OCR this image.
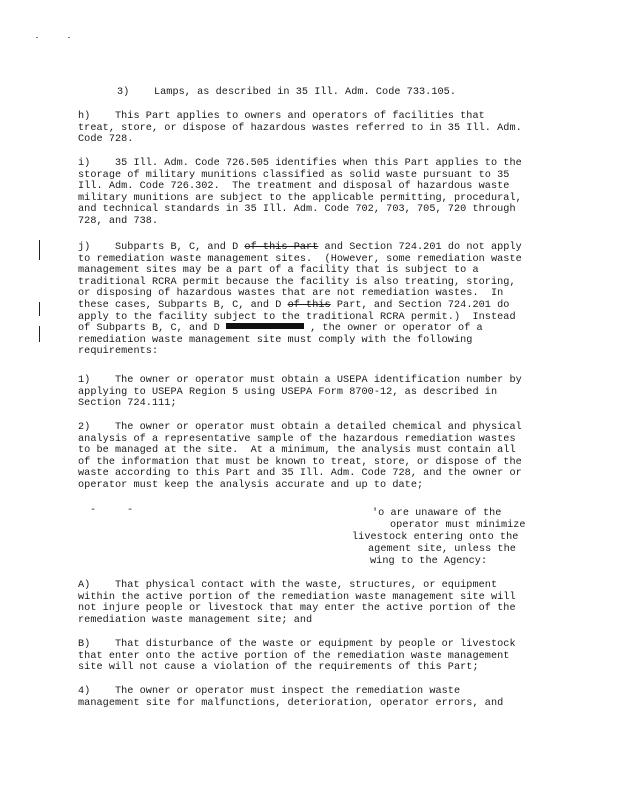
3)    Lamps, as described in 35 Ill. Adm. Code 733.105.

h)    This Part applies to owners and operators of facilities that
treat, store, or dispose of hazardous wastes referred to in 35 Ill. Adm.
Code 728.

i)    35 Ill. Adm. Code 726.505 identifies when this Part applies to the
storage of military munitions classified as solid waste pursuant to 35
Ill. Adm. Code 726.302.  The treatment and disposal of hazardous waste
military munitions are subject to the applicable permitting, procedural,
and technical standards in 35 Ill. Adm. Code 702, 703, 705, 720 through
728, and 738.

j)    Subparts B, C, and D of this Part and Section 724.201 do not apply
to remediation waste management sites.  (However, some remediation waste
management sites may be a part of a facility that is subject to a
traditional RCRA permit because the facility is also treating, storing,
or disposing of hazardous wastes that are not remediation wastes.  In
these cases, Subparts B, C, and D of this Part, and Section 724.201 do
apply to the facility subject to the traditional RCRA permit.)  Instead
of Subparts B, C, and D	, the owner or operator of a
remediation waste management site must comply with the following
requirements:

1)    The owner or operator must obtain a USEPA identification number by
applying to USEPA Region 5 using USEPA Form 8700-12, as described in
Section 724.111;

2)    The owner or operator must obtain a detailed chemical and physical
analysis of a representative sample of the hazardous remediation wastes
to be managed at the site.  At a minimum, the analysis must contain all
of the information that must be known to treat, store, or dispose of the
waste according to this Part and 35 Ill. Adm. Code 728, and the owner or
operator must keep the analysis accurate and up to date;

-     -	'o are unaware of the
operator must minimize
livestock entering onto the
agement site, unless the
wing to the Agency:

A)    That physical contact with the waste, structures, or equipment
within the active portion of the remediation waste management site will
not injure people or livestock that may enter the active portion of the
remediation waste management site; and

B)    That disturbance of the waste or equipment by people or livestock
that enter onto the active portion of the remediation waste management
site will not cause a violation of the requirements of this Part;

4)    The owner or operator must inspect the remediation waste
management site for malfunctions, deterioration, operator errors, and
